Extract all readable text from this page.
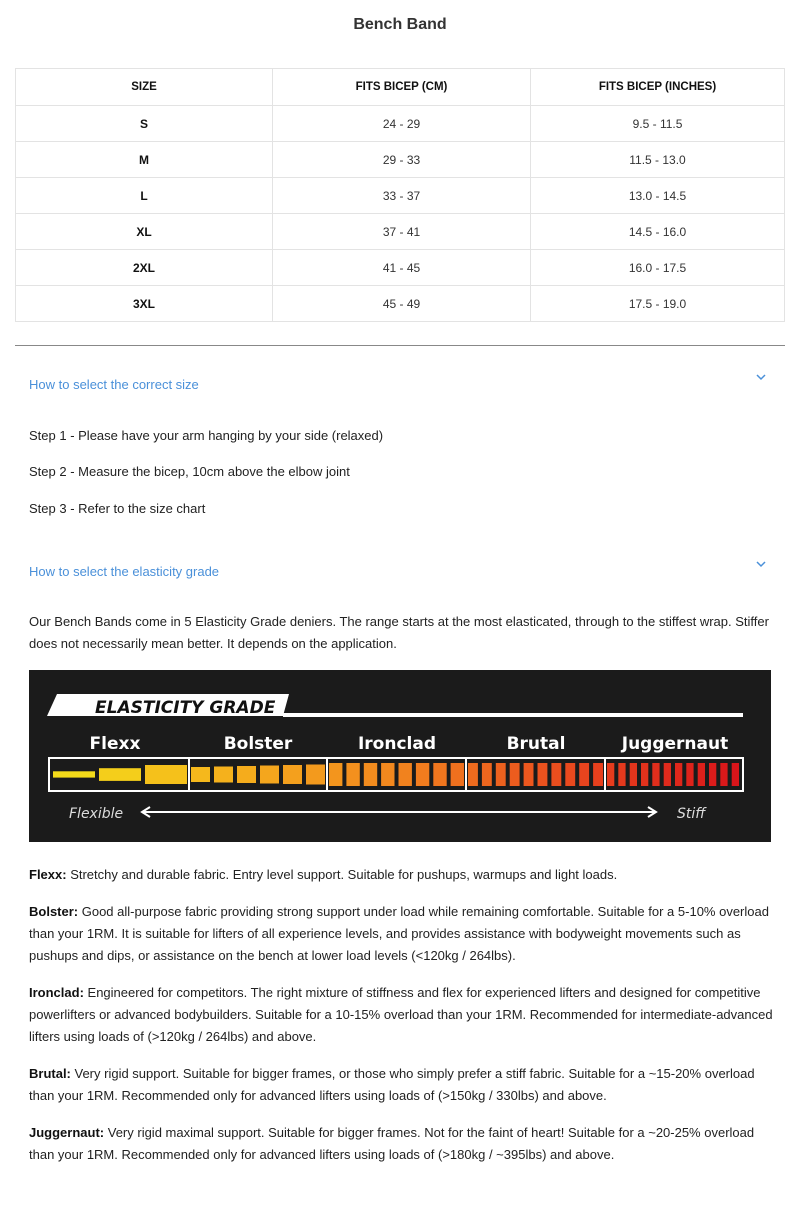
Bench Band
SIZE	FITS BICEP (CM)	FITS BICEP (INCHES)
S	24 - 29	9.5 - 11.5
M	29 - 33	11.5 - 13.0
L	33 - 37	13.0 - 14.5
XL	37 - 41	14.5 - 16.0
2XL	41 - 45	16.0 - 17.5
3XL	45 - 49	17.5 - 19.0
How to select the correct size
Step 1 - Please have your arm hanging by your side (relaxed)
Step 2 - Measure the bicep, 10cm above the elbow joint
Step 3 - Refer to the size chart
How to select the elasticity grade
Our Bench Bands come in 5 Elasticity Grade deniers. The range starts at the most elasticated, through to the stiffest wrap. Stiffer does not necessarily mean better. It depends on the application.
ELASTICITY GRADE
Flexx	Bolster	Ironclad	Brutal	Juggernaut
Flexible	Stiff
Flexx: Stretchy and durable fabric. Entry level support. Suitable for pushups, warmups and light loads.
Bolster: Good all-purpose fabric providing strong support under load while remaining comfortable. Suitable for a 5-10% overload than your 1RM. It is suitable for lifters of all experience levels, and provides assistance with bodyweight movements such as pushups and dips, or assistance on the bench at lower load levels (<120kg / 264lbs).
Ironclad: Engineered for competitors. The right mixture of stiffness and flex for experienced lifters and designed for competitive powerlifters or advanced bodybuilders. Suitable for a 10-15% overload than your 1RM. Recommended for intermediate-advanced lifters using loads of (>120kg / 264lbs) and above.
Brutal: Very rigid support. Suitable for bigger frames, or those who simply prefer a stiff fabric. Suitable for a ~15-20% overload than your 1RM. Recommended only for advanced lifters using loads of (>150kg / 330lbs) and above.
Juggernaut: Very rigid maximal support. Suitable for bigger frames. Not for the faint of heart! Suitable for a ~20-25% overload than your 1RM. Recommended only for advanced lifters using loads of (>180kg / ~395lbs) and above.
